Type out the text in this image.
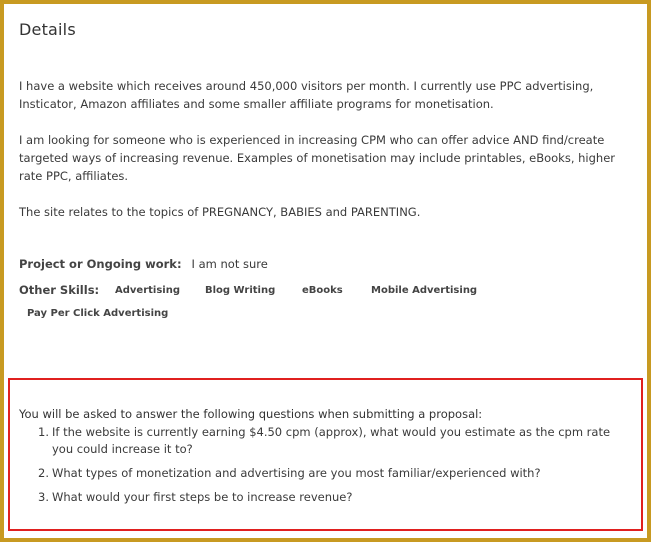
Details

I have a website which receives around 450,000 visitors per month. I currently use PPC advertising, Insticator, Amazon affiliates and some smaller affiliate programs for monetisation.

I am looking for someone who is experienced in increasing CPM who can offer advice AND find/create targeted ways of increasing revenue. Examples of monetisation may include printables, eBooks, higher rate PPC, affiliates.

The site relates to the topics of PREGNANCY, BABIES and PARENTING.

Project or Ongoing work: I am not sure
Other Skills: Advertising	Blog Writing	eBooks	Mobile Advertising
Pay Per Click Advertising

You will be asked to answer the following questions when submitting a proposal:

1. If the website is currently earning $4.50 cpm (approx), what would you estimate as the cpm rate you could increase it to?
2. What types of monetization and advertising are you most familiar/experienced with?
3. What would your first steps be to increase revenue?
